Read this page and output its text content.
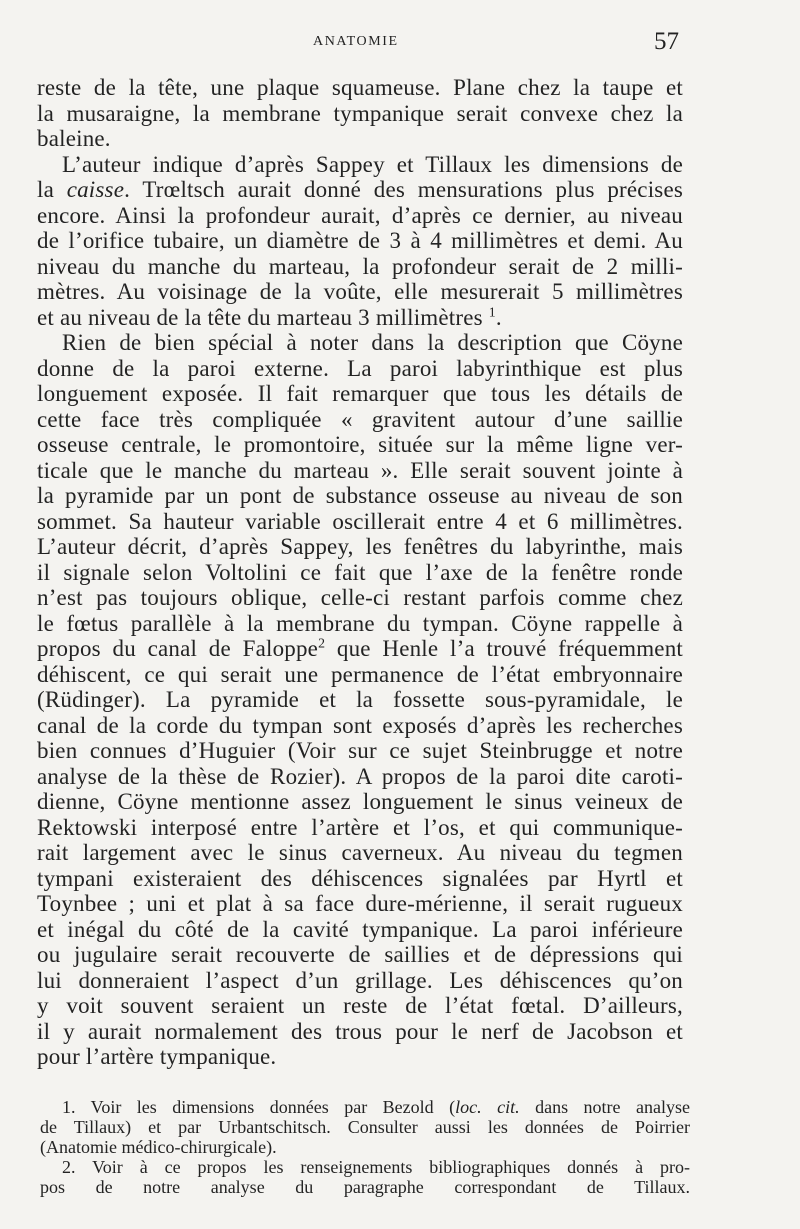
ANATOMIE	57
reste de la tête, une plaque squameuse. Plane chez la taupe et
la musaraigne, la membrane tympanique serait convexe chez la
baleine.
L’auteur indique d’après Sappey et Tillaux les dimensions de
la caisse. Trœltsch aurait donné des mensurations plus précises
encore. Ainsi la profondeur aurait, d’après ce dernier, au niveau
de l’orifice tubaire, un diamètre de 3 à 4 millimètres et demi. Au
niveau du manche du marteau, la profondeur serait de 2 milli-
mètres. Au voisinage de la voûte, elle mesurerait 5 millimètres
et au niveau de la tête du marteau 3 millimètres $^1$.
Rien de bien spécial à noter dans la description que Cöyne
donne de la paroi externe. La paroi labyrinthique est plus
longuement exposée. Il fait remarquer que tous les détails de
cette face très compliquée « gravitent autour d’une saillie
osseuse centrale, le promontoire, située sur la même ligne ver-
ticale que le manche du marteau ». Elle serait souvent jointe à
la pyramide par un pont de substance osseuse au niveau de son
sommet. Sa hauteur variable oscillerait entre 4 et 6 millimètres.
L’auteur décrit, d’après Sappey, les fenêtres du labyrinthe, mais
il signale selon Voltolini ce fait que l’axe de la fenêtre ronde
n’est pas toujours oblique, celle-ci restant parfois comme chez
le fœtus parallèle à la membrane du tympan. Cöyne rappelle à
propos du canal de Faloppe$^2$ que Henle l’a trouvé fréquemment
déhiscent, ce qui serait une permanence de l’état embryonnaire
(Rüdinger). La pyramide et la fossette sous-pyramidale, le
canal de la corde du tympan sont exposés d’après les recherches
bien connues d’Huguier (Voir sur ce sujet Steinbrugge et notre
analyse de la thèse de Rozier). A propos de la paroi dite caroti-
dienne, Cöyne mentionne assez longuement le sinus veineux de
Rektowski interposé entre l’artère et l’os, et qui communique-
rait largement avec le sinus caverneux. Au niveau du tegmen
tympani existeraient des déhiscences signalées par Hyrtl et
Toynbee ; uni et plat à sa face dure-mérienne, il serait rugueux
et inégal du côté de la cavité tympanique. La paroi inférieure
ou jugulaire serait recouverte de saillies et de dépressions qui
lui donneraient l’aspect d’un grillage. Les déhiscences qu’on
y voit souvent seraient un reste de l’état fœtal. D’ailleurs,
il y aurait normalement des trous pour le nerf de Jacobson et
pour l’artère tympanique.
1. Voir les dimensions données par Bezold (loc. cit. dans notre analyse
de Tillaux) et par Urbantschitsch. Consulter aussi les données de Poirrier
(Anatomie médico-chirurgicale).
2. Voir à ce propos les renseignements bibliographiques donnés à pro-
pos de notre analyse du paragraphe correspondant de Tillaux.
